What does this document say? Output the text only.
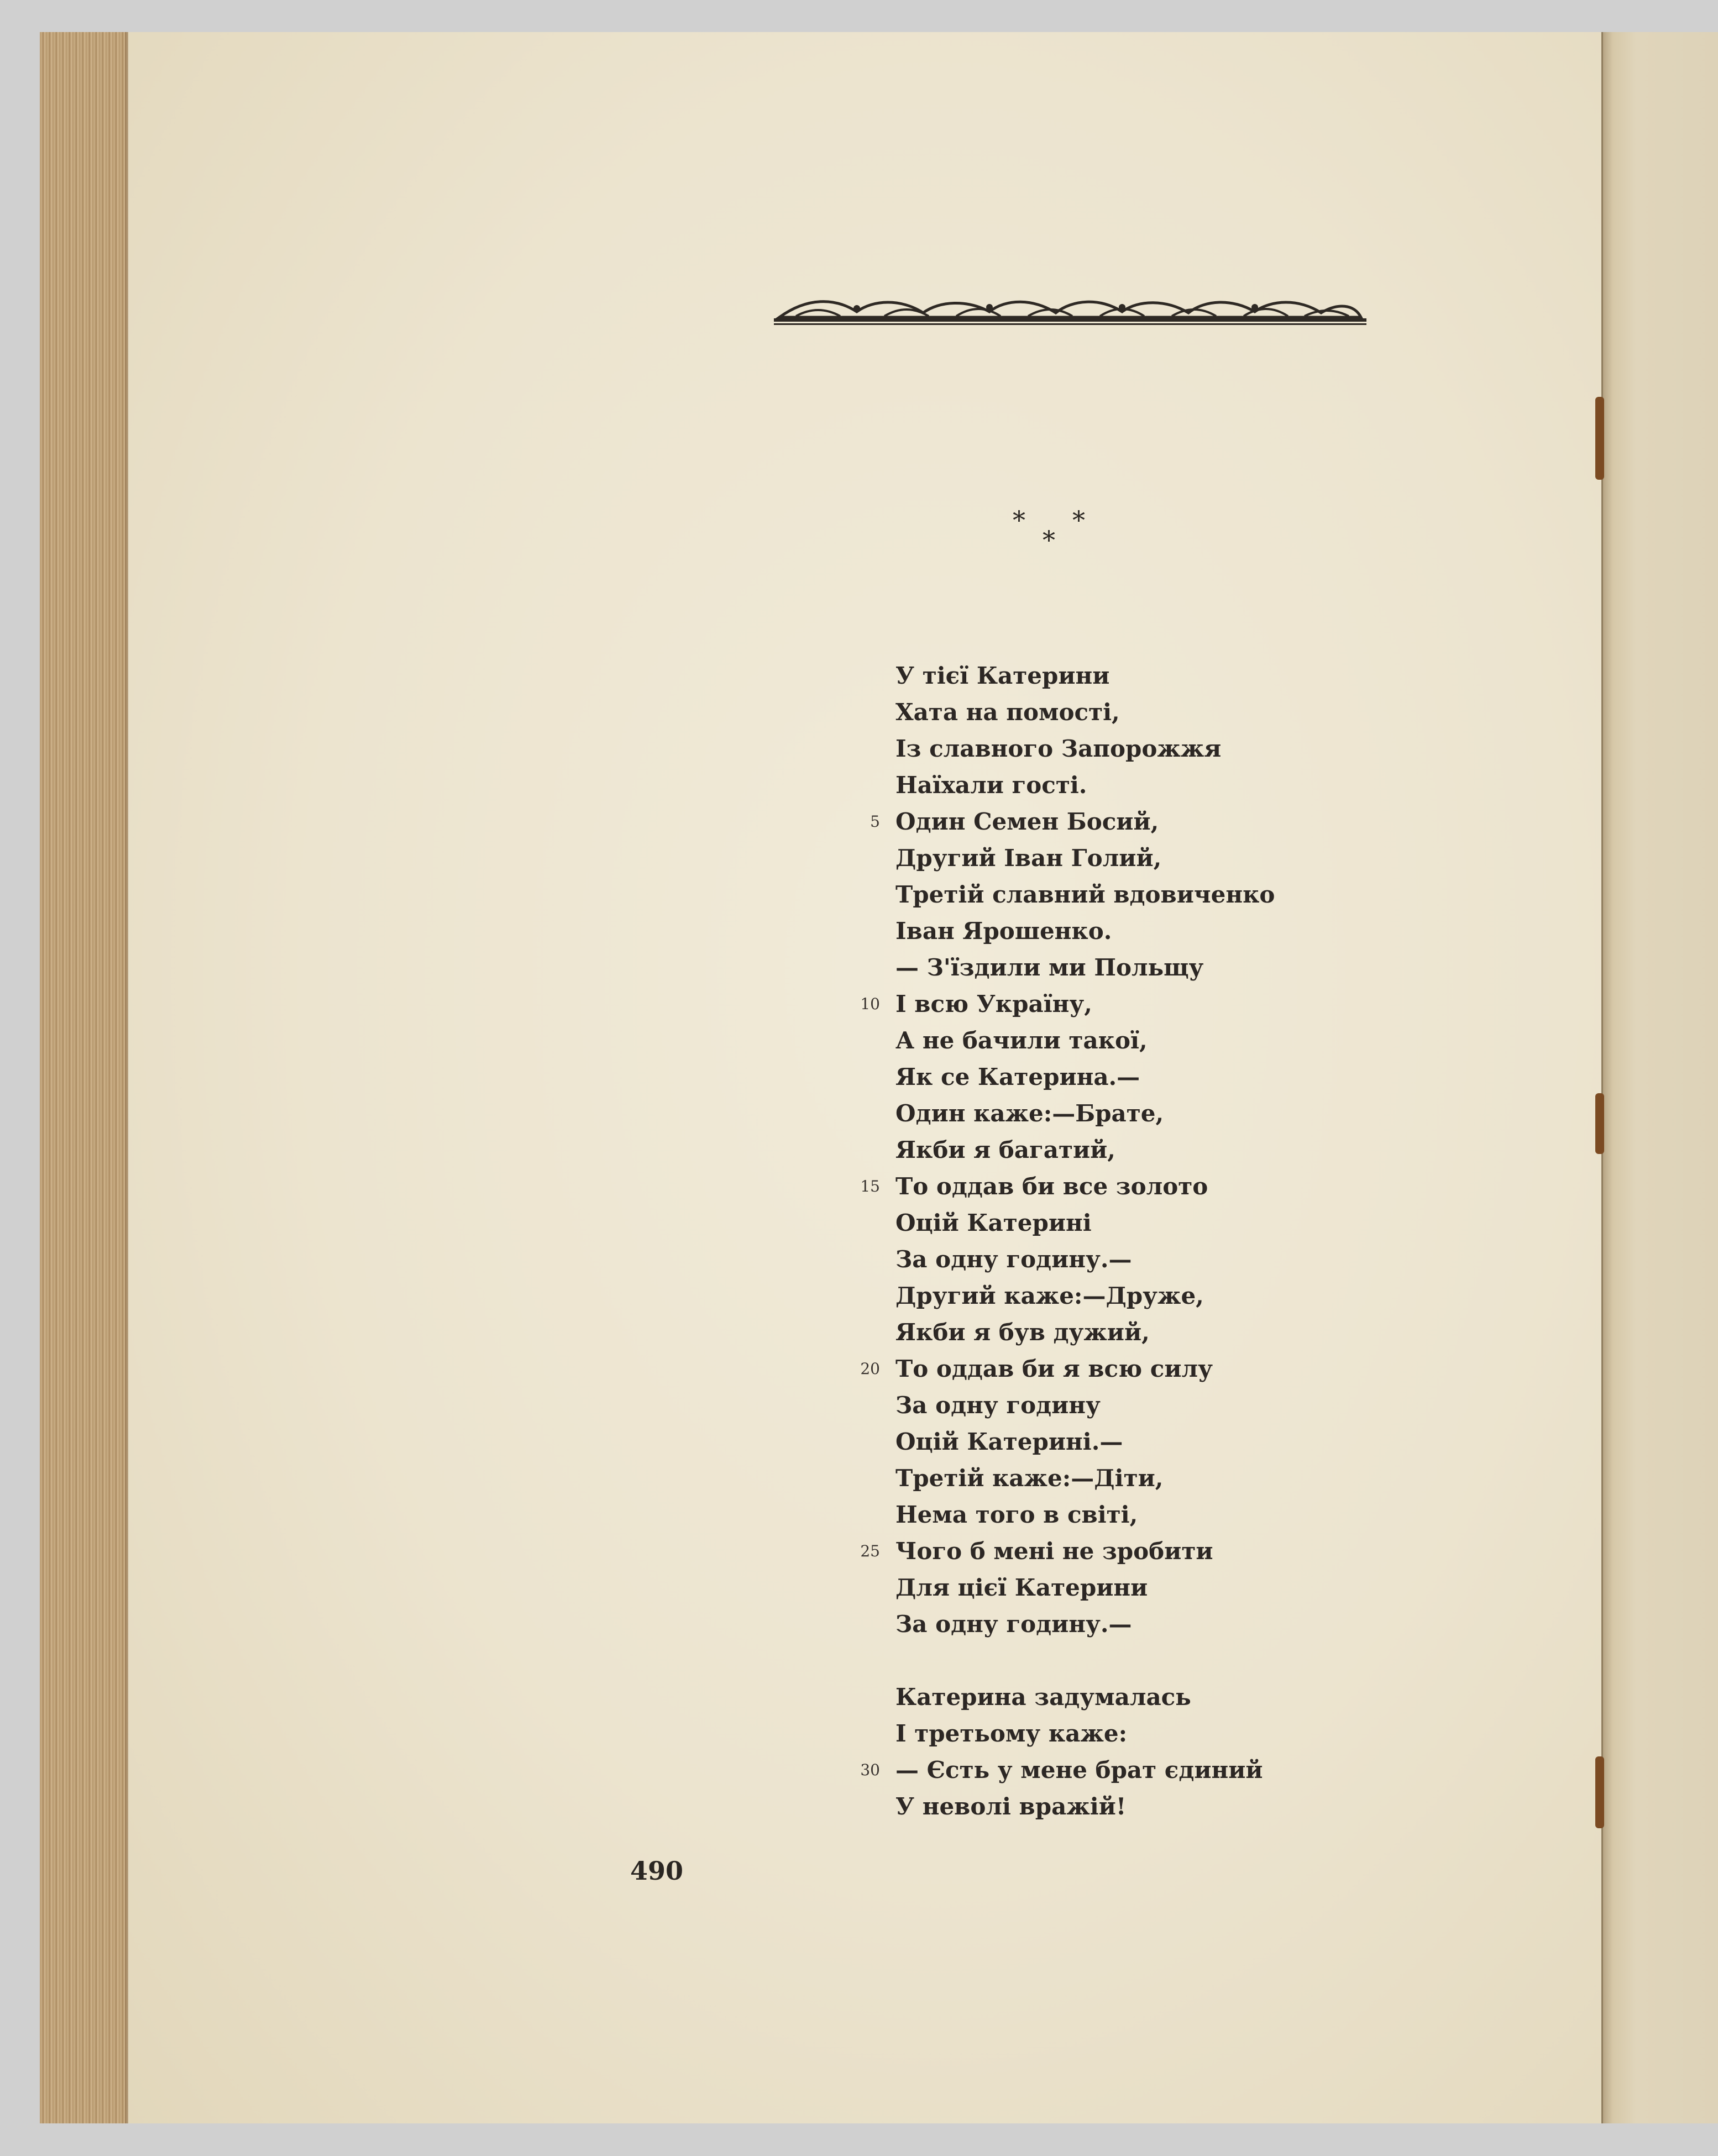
* *
*
У тієї Катерини
Хата на помості,
Із славного Запорожжя
Наїхали гості.
5 Один Семен Босий,
Другий Іван Голий,
Третій славний вдовиченко
Іван Ярошенко.
— З'їздили ми Польщу
10 І всю Україну,
А не бачили такої,
Як се Катерина.—
Один каже:—Брате,
Якби я багатий,
15 То оддав би все золото
Оцій Катерині
За одну годину.—
Другий каже:—Друже,
Якби я був дужий,
20 То оддав би я всю силу
За одну годину
Оцій Катерині.—
Третій каже:—Діти,
Нема того в світі,
25 Чого б мені не зробити
Для цієї Катерини
За одну годину.—
Катерина задумалась
І третьому каже:
30 — Єсть у мене брат єдиний
У неволі вражій!
490
